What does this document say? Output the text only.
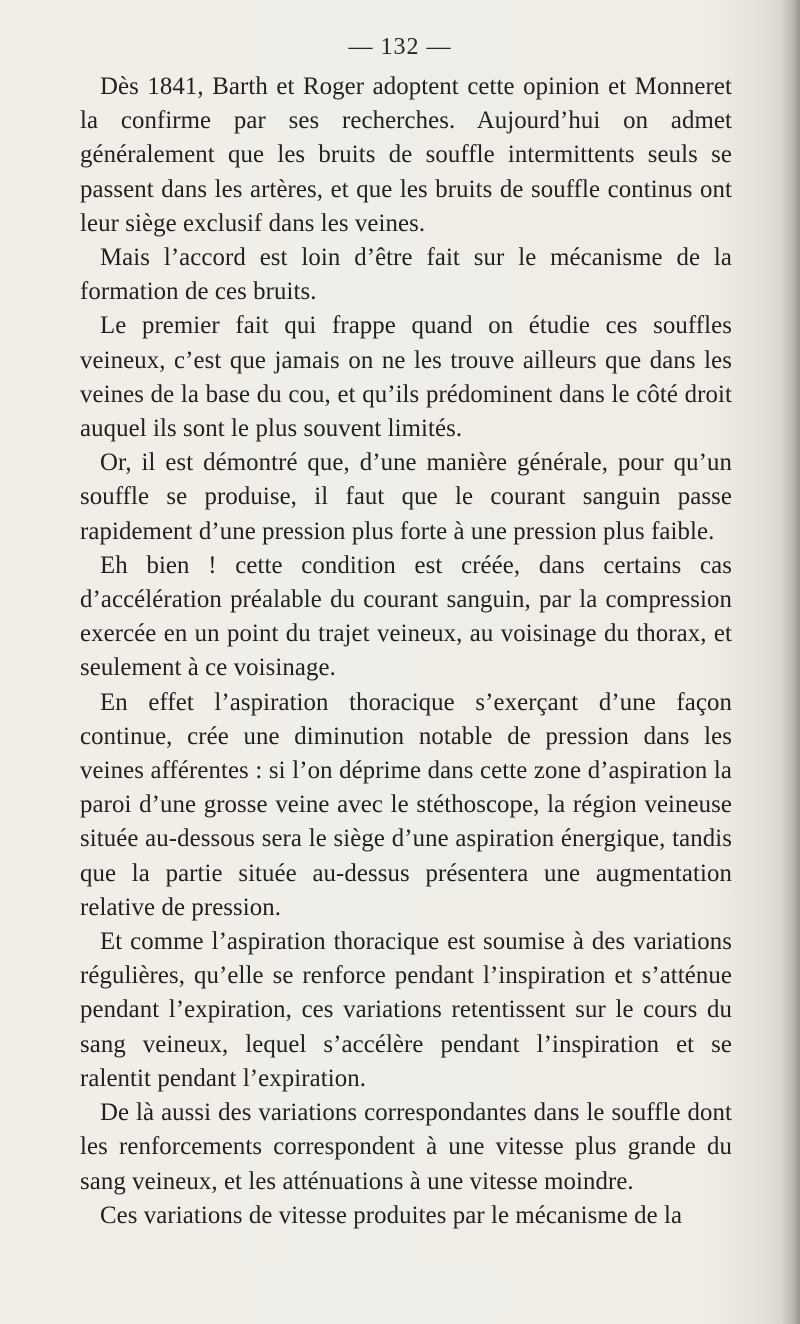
— 132 —

Dès 1841, Barth et Roger adoptent cette opinion et Monneret la confirme par ses recherches. Aujourd’hui on admet généralement que les bruits de souffle intermittents seuls se passent dans les artères, et que les bruits de souffle continus ont leur siège exclusif dans les veines.

Mais l’accord est loin d’être fait sur le mécanisme de la formation de ces bruits.

Le premier fait qui frappe quand on étudie ces souffles veineux, c’est que jamais on ne les trouve ailleurs que dans les veines de la base du cou, et qu’ils prédominent dans le côté droit auquel ils sont le plus souvent limités.

Or, il est démontré que, d’une manière générale, pour qu’un souffle se produise, il faut que le courant sanguin passe rapidement d’une pression plus forte à une pression plus faible.

Eh bien ! cette condition est créée, dans certains cas d’accélération préalable du courant sanguin, par la compression exercée en un point du trajet veineux, au voisinage du thorax, et seulement à ce voisinage.

En effet l’aspiration thoracique s’exerçant d’une façon continue, crée une diminution notable de pression dans les veines afférentes : si l’on déprime dans cette zone d’aspiration la paroi d’une grosse veine avec le stéthoscope, la région veineuse située au-dessous sera le siège d’une aspiration énergique, tandis que la partie située au-dessus présentera une augmentation relative de pression.

Et comme l’aspiration thoracique est soumise à des variations régulières, qu’elle se renforce pendant l’inspiration et s’atténue pendant l’expiration, ces variations retentissent sur le cours du sang veineux, lequel s’accélère pendant l’inspiration et se ralentit pendant l’expiration.

De là aussi des variations correspondantes dans le souffle dont les renforcements correspondent à une vitesse plus grande du sang veineux, et les atténuations à une vitesse moindre.

Ces variations de vitesse produites par le mécanisme de la
